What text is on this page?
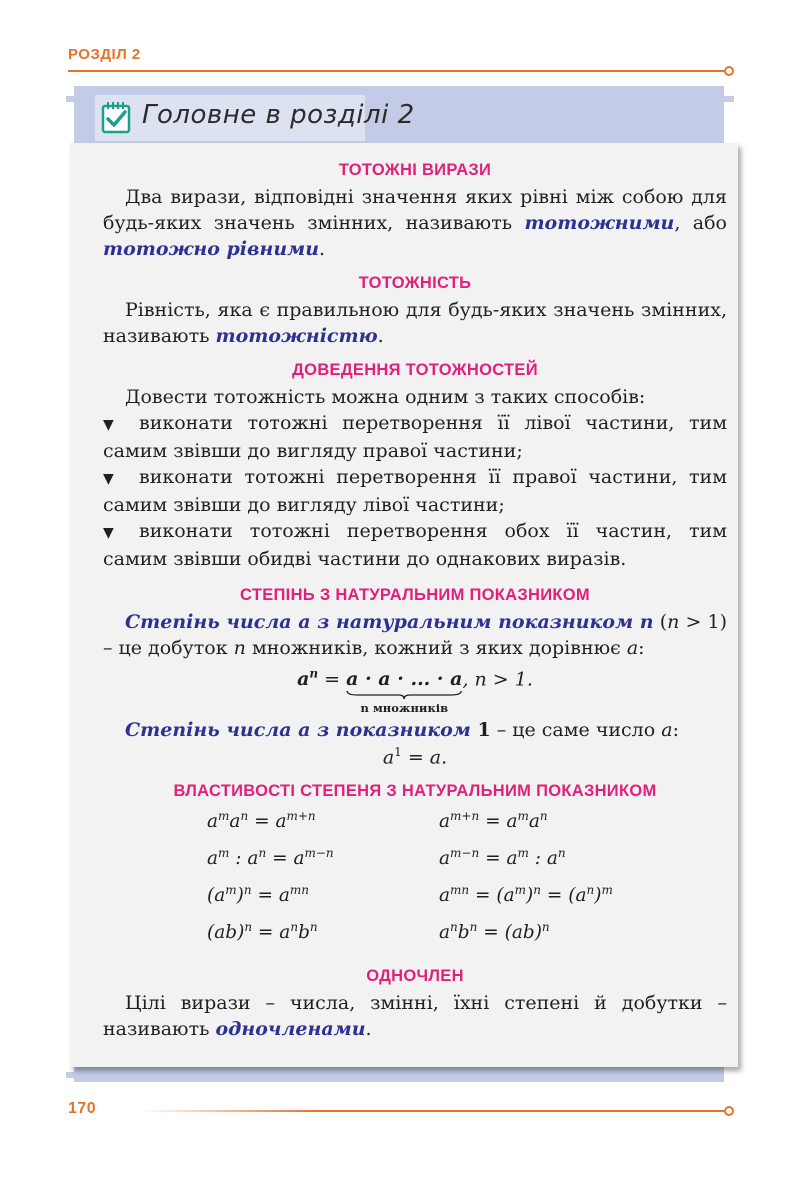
РОЗДІЛ 2
Головне в розділі 2
ТОТОЖНІ ВИРАЗИ

Два вирази, відповідні значення яких рівні між собою для будь-яких значень змінних, називають тотожними, або тотожно рівними.

ТОТОЖНІСТЬ

Рівність, яка є правильною для будь-яких значень змінних, називають тотожністю.

ДОВЕДЕННЯ ТОТОЖНОСТЕЙ

Довести тотожність можна одним з таких способів:

▼ виконати тотожні перетворення її лівої частини, тим самим звівши до вигляду правої частини;

▼ виконати тотожні перетворення її правої частини, тим самим звівши до вигляду лівої частини;

▼ виконати тотожні перетворення обох її частин, тим самим звівши обидві частини до однакових виразів.

СТЕПІНЬ З НАТУРАЛЬНИМ ПОКАЗНИКОМ

Степінь числа a з натуральним показником n (n > 1) – це добуток n множників, кожний з яких дорівнює a:

$a^n = a \cdot a$ · ... · a
n множників
, n > 1.

Степінь числа a з показником 1 – це саме число a:

$a^1 = a$.
ВЛАСТИВОСТІ СТЕПЕНЯ З НАТУРАЛЬНИМ ПОКАЗНИКОМ
$a^ma^n = a^{m+n}$	$a^{m+n} = a^ma^n$
$a^m$ : $a^n = a^{m-n}$	$a^{m-n} = a^m$ : $a^n$
$(a^m)^n = a^{mn}$	$a^{mn} = (a^m)^n = (a^n)^m$
$(ab)^n = a^nb^n$	$a^nb^n = (ab)^n$
ОДНОЧЛЕН

Цілі вирази – числа, змінні, їхні степені й добутки – називають одночленами.

170
